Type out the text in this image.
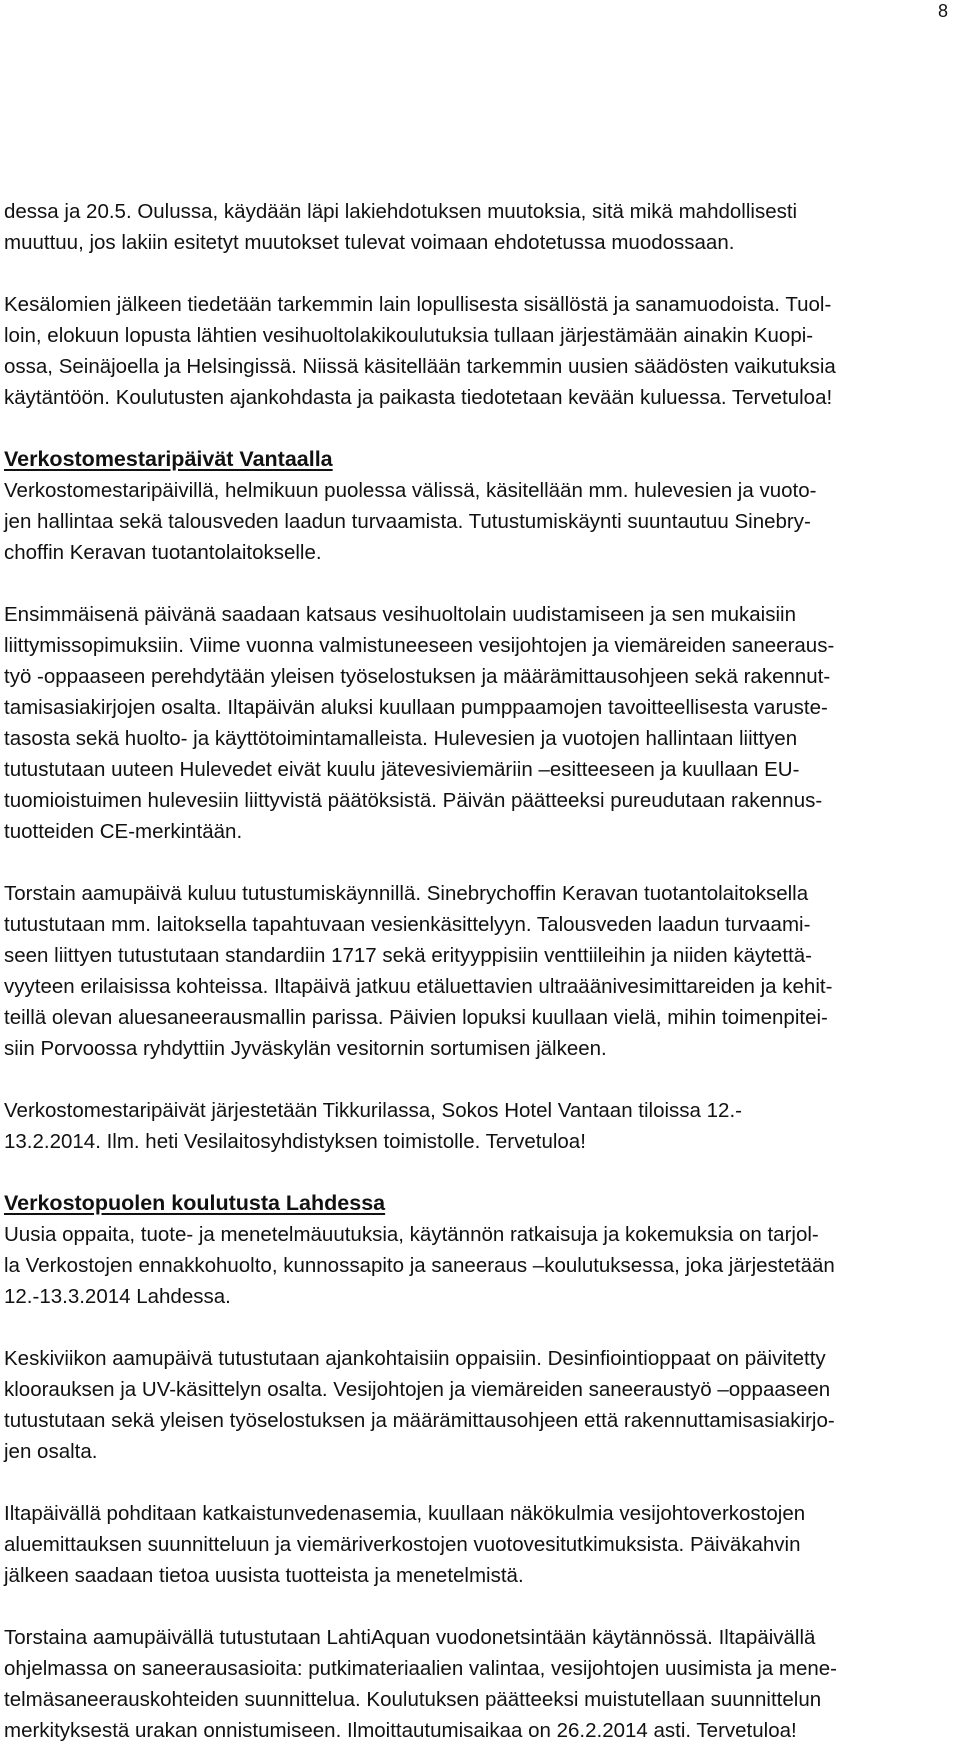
8

dessa ja 20.5. Oulussa, käydään läpi lakiehdotuksen muutoksia, sitä mikä mahdollisesti
muuttuu, jos lakiin esitetyt muutokset tulevat voimaan ehdotetussa muodossaan.

Kesälomien jälkeen tiedetään tarkemmin lain lopullisesta sisällöstä ja sanamuodoista. Tuol-
loin, elokuun lopusta lähtien vesihuoltolakikoulutuksia tullaan järjestämään ainakin Kuopi-
ossa, Seinäjoella ja Helsingissä. Niissä käsitellään tarkemmin uusien säädösten vaikutuksia
käytäntöön. Koulutusten ajankohdasta ja paikasta tiedotetaan kevään kuluessa. Tervetuloa!

Verkostomestaripäivät Vantaalla

Verkostomestaripäivillä, helmikuun puolessa välissä, käsitellään mm. hulevesien ja vuoto-
jen hallintaa sekä talousveden laadun turvaamista. Tutustumiskäynti suuntautuu Sinebry-
choffin Keravan tuotantolaitokselle.

Ensimmäisenä päivänä saadaan katsaus vesihuoltolain uudistamiseen ja sen mukaisiin
liittymissopimuksiin. Viime vuonna valmistuneeseen vesijohtojen ja viemäreiden saneeraus-
työ -oppaaseen perehdytään yleisen työselostuksen ja määrämittausohjeen sekä rakennut-
tamisasiakirjojen osalta. Iltapäivän aluksi kuullaan pumppaamojen tavoitteellisesta varuste-
tasosta sekä huolto- ja käyttötoimintamalleista. Hulevesien ja vuotojen hallintaan liittyen
tutustutaan uuteen Hulevedet eivät kuulu jätevesiviemäriin –esitteeseen ja kuullaan EU-
tuomioistuimen hulevesiin liittyvistä päätöksistä. Päivän päätteeksi pureudutaan rakennus-
tuotteiden CE-merkintään.

Torstain aamupäivä kuluu tutustumiskäynnillä. Sinebrychoffin Keravan tuotantolaitoksella
tutustutaan mm. laitoksella tapahtuvaan vesienkäsittelyyn. Talousveden laadun turvaami-
seen liittyen tutustutaan standardiin 1717 sekä erityyppisiin venttiileihin ja niiden käytettä-
vyyteen erilaisissa kohteissa. Iltapäivä jatkuu etäluettavien ultraäänivesimittareiden ja kehit-
teillä olevan aluesaneerausmallin parissa. Päivien lopuksi kuullaan vielä, mihin toimenpitei-
siin Porvoossa ryhdyttiin Jyväskylän vesitornin sortumisen jälkeen.

Verkostomestaripäivät järjestetään Tikkurilassa, Sokos Hotel Vantaan tiloissa 12.-
13.2.2014. Ilm. heti Vesilaitosyhdistyksen toimistolle. Tervetuloa!

Verkostopuolen koulutusta Lahdessa

Uusia oppaita, tuote- ja menetelmäuutuksia, käytännön ratkaisuja ja kokemuksia on tarjol-
la Verkostojen ennakkohuolto, kunnossapito ja saneeraus –koulutuksessa, joka järjestetään
12.-13.3.2014 Lahdessa.

Keskiviikon aamupäivä tutustutaan ajankohtaisiin oppaisiin. Desinfiointioppaat on päivitetty
kloorauksen ja UV-käsittelyn osalta. Vesijohtojen ja viemäreiden saneeraustyö –oppaaseen
tutustutaan sekä yleisen työselostuksen ja määrämittausohjeen että rakennuttamisasiakirjo-
jen osalta.

Iltapäivällä pohditaan katkaistunvedenasemia, kuullaan näkökulmia vesijohtoverkostojen
aluemittauksen suunnitteluun ja viemäriverkostojen vuotovesitutkimuksista. Päiväkahvin
jälkeen saadaan tietoa uusista tuotteista ja menetelmistä.

Torstaina aamupäivällä tutustutaan LahtiAquan vuodonetsintään käytännössä. Iltapäivällä
ohjelmassa on saneerausasioita: putkimateriaalien valintaa, vesijohtojen uusimista ja mene-
telmäsaneerauskohteiden suunnittelua. Koulutuksen päätteeksi muistutellaan suunnittelun
merkityksestä urakan onnistumiseen. Ilmoittautumisaikaa on 26.2.2014 asti. Tervetuloa!
